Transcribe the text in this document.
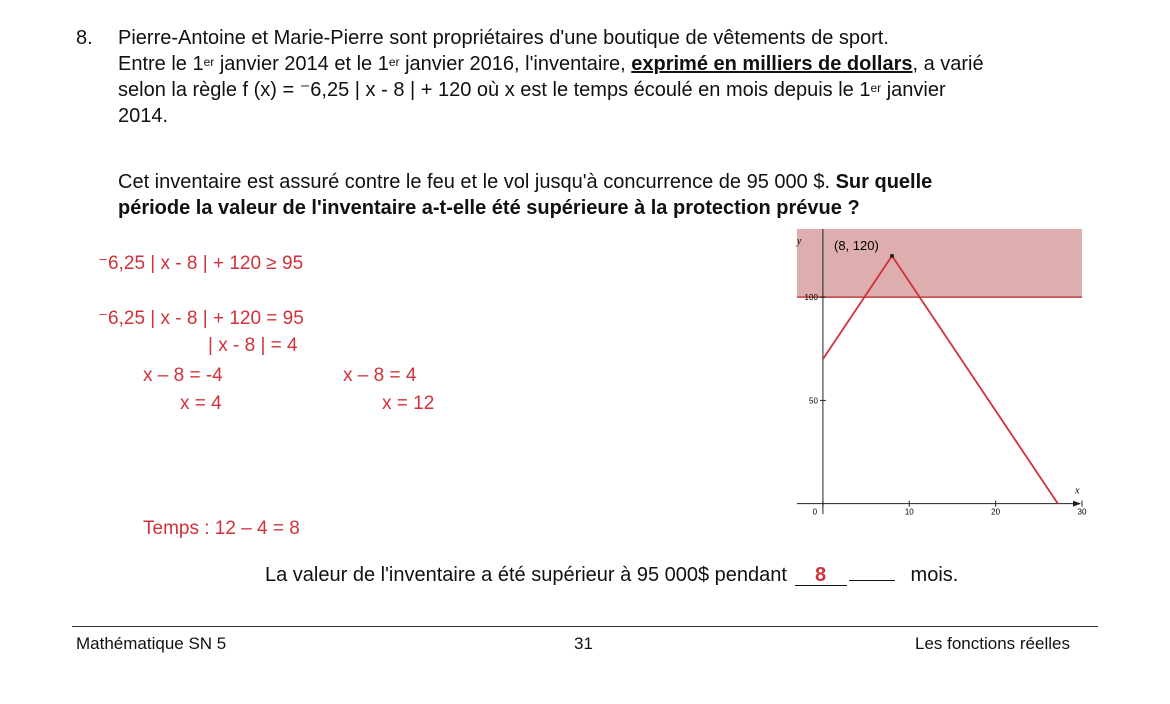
8. Pierre-Antoine et Marie-Pierre sont propriétaires d'une boutique de vêtements de sport.
Entre le 1er janvier 2014 et le 1er janvier 2016, l'inventaire, exprimé en milliers de dollars, a varié
selon la règle f (x) = ⁻6,25 | x - 8 | + 120 où x est le temps écoulé en mois depuis le 1er janvier
2014.
Cet inventaire est assuré contre le feu et le vol jusqu'à concurrence de 95 000 $. Sur quelle
période la valeur de l'inventaire a-t-elle été supérieure à la protection prévue ?
⁻6,25 | x - 8 | + 120 ≥ 95
⁻6,25 | x - 8 | + 120 = 95
| x - 8 | = 4
x – 8 = -4	x – 8 = 4
x = 4	x = 12
Temps : 12 – 4 = 8
y
x
50
100
0	10	20	30
(8, 120)
La valeur de l'inventaire a été supérieur à 95 000$ pendant 8	mois.
Mathématique SN 5	31	Les fonctions réelles
